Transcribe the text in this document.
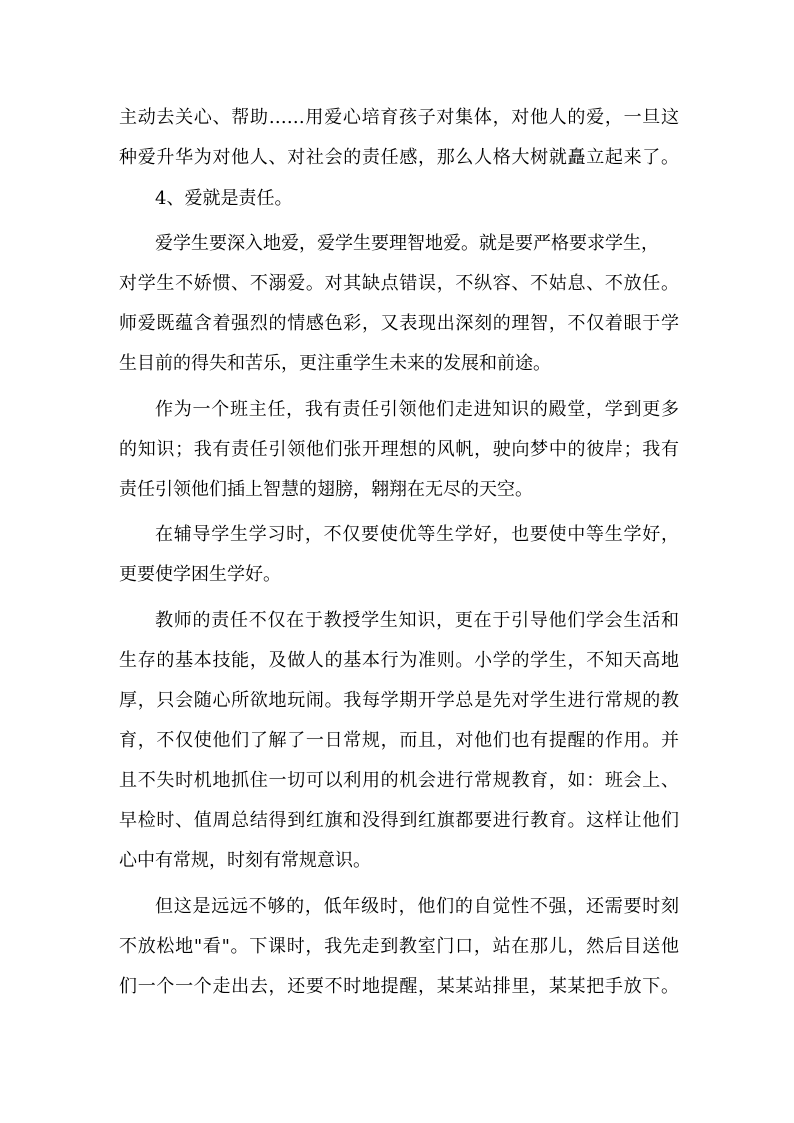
主动去关心、帮助……用爱心培育孩子对集体，对他人的爱，一旦这

种爱升华为对他人、对社会的责任感，那么人格大树就矗立起来了。

4、爱就是责任。

爱学生要深入地爱，爱学生要理智地爱。就是要严格要求学生，

对学生不娇惯、不溺爱。对其缺点错误，不纵容、不姑息、不放任。

师爱既蕴含着强烈的情感色彩，又表现出深刻的理智，不仅着眼于学

生目前的得失和苦乐，更注重学生未来的发展和前途。

作为一个班主任，我有责任引领他们走进知识的殿堂，学到更多

的知识；我有责任引领他们张开理想的风帆，驶向梦中的彼岸；我有

责任引领他们插上智慧的翅膀，翱翔在无尽的天空。

在辅导学生学习时，不仅要使优等生学好，也要使中等生学好，

更要使学困生学好。

教师的责任不仅在于教授学生知识，更在于引导他们学会生活和

生存的基本技能，及做人的基本行为准则。小学的学生，不知天高地

厚，只会随心所欲地玩闹。我每学期开学总是先对学生进行常规的教

育，不仅使他们了解了一日常规，而且，对他们也有提醒的作用。并

且不失时机地抓住一切可以利用的机会进行常规教育，如：班会上、

早检时、值周总结得到红旗和没得到红旗都要进行教育。这样让他们

心中有常规，时刻有常规意识。

但这是远远不够的，低年级时，他们的自觉性不强，还需要时刻

不放松地"看"。下课时，我先走到教室门口，站在那儿，然后目送他

们一个一个走出去，还要不时地提醒，某某站排里，某某把手放下。
